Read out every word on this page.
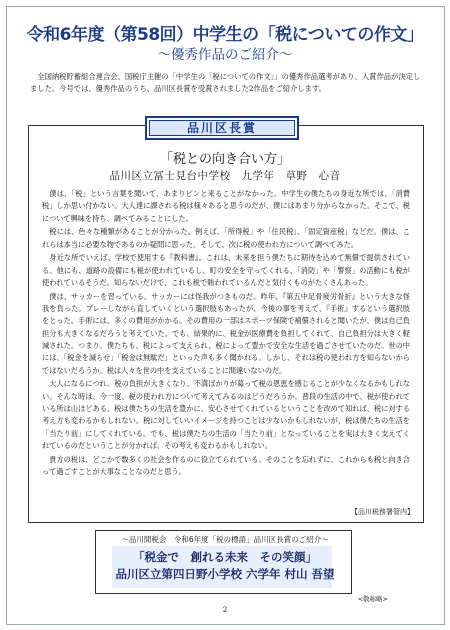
令和6年度（第58回）中学生の「税についての作文」
～優秀作品のご紹介～
　全国納税貯蓄組合連合会、国税庁主催の「中学生の「税についての作文」」の優秀作品選考があり、入賞作品が決定しました。今号では、優秀作品のうち、品川区長賞を受賞されました2作品をご紹介します。
品川区長賞
「税との向き合い方」
品川区立冨士見台中学校　九学年　草野　心音

　僕は、「税」という言葉を聞いて、あまりピンと来ることがなかった。中学生の僕たちの身近な所では、「消費税」しか思い付かない。大人達に課される税は様々あると思うのだが、僕にはあまり分からなかった。そこで、税について興味を持ち、調べてみることにした。

　税には、色々な種類があることが分かった。例えば、「所得税」や「住民税」、「固定資産税」などだ。僕は、これらは本当に必要な物であるのか疑問に思った。そして、次に税の使われ方について調べてみた。

　身近な所でいえば、学校で使用する『教科書』。これは、未来を担う僕たちに期待を込めて無償で提供されている。他にも、道路の設備にも税が使われているし、町の安全を守ってくれる、「消防」や「警察」の活動にも税が使われているそうだ。知らないだけで、これも税で賄われているんだと気付くものがたくさんあった。

　僕は、サッカーを習っている。サッカーには怪我がつきものだ。昨年、『第五中足骨疲労骨折』という大きな怪我を負った。プレーしながら直していくという選択肢もあったが、今後の事を考えて、『手術』するという選択肢をとった。手術には、多くの費用がかかる。その費用の一部はスポーツ保険で補償されると聞いたが、僕は自己負担分も大きくなるだろうと考えていた。でも、結果的に、税金が医療費を負担してくれて、自己負担分は大きく軽減された。つまり、僕たちも、税によって支えられ、税によって豊かで安全な生活を過ごさせていたのだ。世の中には、「税金を減らせ」「税金は無駄だ」といった声も多く聞かれる。しかし、それは税の使われ方を知らないからではないだろうか。税は人々を世の中を支えていることに間違いないのだ。

　大人になるにつれ、税の負担が大きくなり、不満ばかりが募って税の恩恵を感じることが少なくなるかもしれない。そんな時は、今一度、税の使われ方について考えてみるのはどうだろうか。普段の生活の中で、税が使われている所は山ほどある。税は僕たちの生活を豊かに、安心させてくれているということを改めて知れば、税に対する考え方も変わるかもしれない。税に対していいイメージを持つことは少ないかもしれないが、税は僕たちの生活を「当たり前」にしてくれている。でも、税は僕たちの生活の「当たり前」となっていることを実は大きく支えてくれているのだということが分かれば、その考えも変わるかもしれない。

　貴方の税は、どこかで数多くの社会を作るのに役立てられている。そのことを忘れずに、これからも税と向き合って過ごすことが大事なことなのだと思う。

【品川税務署管内】
～品川間税会　令和6年度「税の標語」品川区長賞のご紹介～
「税金で　創れる未来　その笑顔」
品川区立第四日野小学校 六学年 村山 吾望
<敬称略>
2
